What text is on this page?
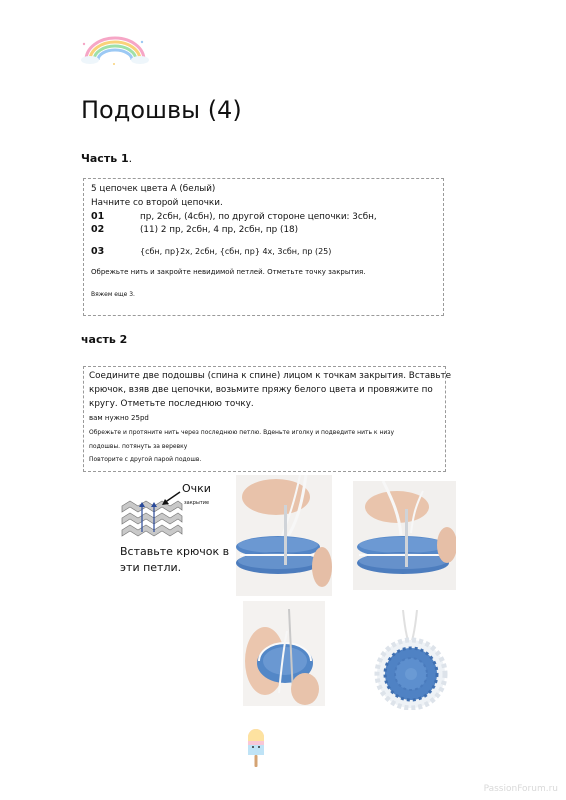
Подошвы (4)

Часть 1.

5 цепочек цвета А (белый)
Начните со второй цепочки.
01	пр, 2сбн, (4сбн), по другой стороне цепочки: 3сбн,
02	(11) 2 пр, 2сбн, 4 пр, 2сбн, пр (18)
03	{сбн, пр}2х, 2сбн, {сбн, пр} 4х, 3сбн, пр (25)
Обрежьте нить и закройте невидимой петлей. Отметьте точку закрытия.
Вяжем еще 3.

часть 2

Соедините две подошвы (спина к спине) лицом к точкам закрытия. Вставьте
крючок, взяв две цепочки, возьмите пряжу белого цвета и провяжите по
кругу. Отметьте последнюю точку.
вам нужно 25pd
Обрежьте и протяните нить через последнюю петлю. Вденьте иголку и подведите нить к низу
подошвы. потянуть за веревку
Повторите с другой парой подошв.
Очки
закрытие
Вставьте крючок в
эти петли.
PassionForum.ru
